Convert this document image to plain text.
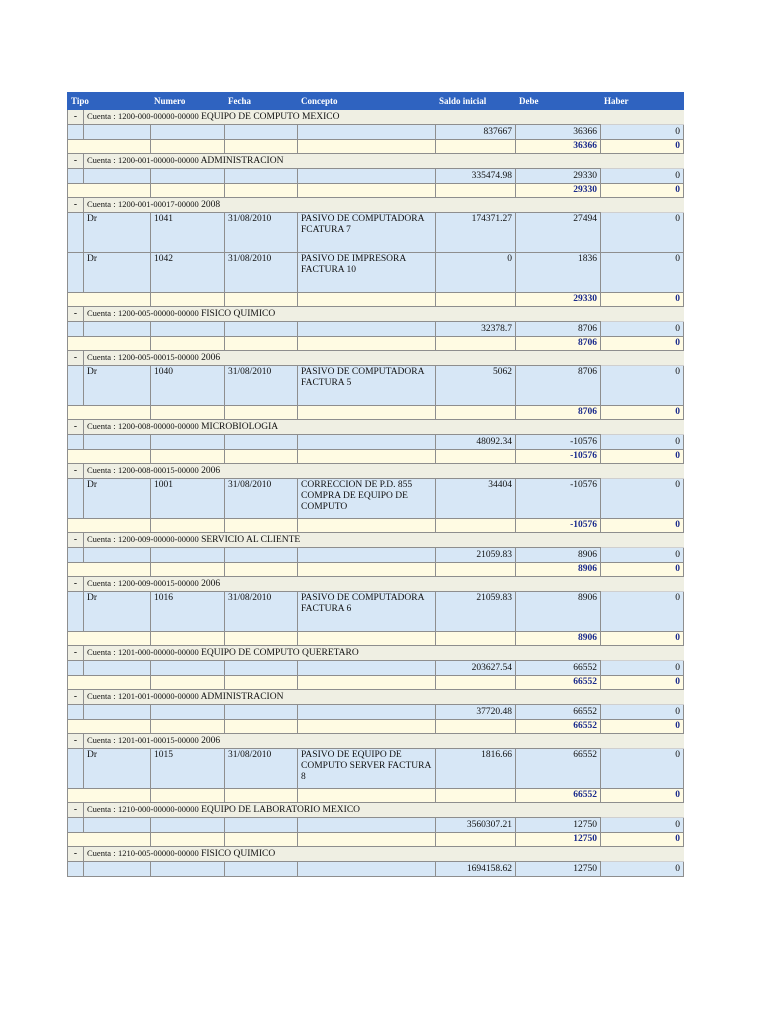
Tipo		Numero	Fecha	Concepto	Saldo inicial	Debe	Haber
-	Cuenta : 1200-000-00000-00000 EQUIPO DE COMPUTO MEXICO						
					837667	36366	0
						36366	0
-	Cuenta : 1200-001-00000-00000 ADMINISTRACION						
					335474.98	29330	0
						29330	0
-	Cuenta : 1200-001-00017-00000 2008						
	Dr	1041	31/08/2010	PASIVO DE COMPUTADORA FCATURA 7	174371.27	27494	0
	Dr	1042	31/08/2010	PASIVO DE IMPRESORA FACTURA 10	0	1836	0
						29330	0
-	Cuenta : 1200-005-00000-00000 FISICO QUIMICO						
					32378.7	8706	0
						8706	0
-	Cuenta : 1200-005-00015-00000 2006						
	Dr	1040	31/08/2010	PASIVO DE COMPUTADORA FACTURA 5	5062	8706	0
						8706	0
-	Cuenta : 1200-008-00000-00000 MICROBIOLOGIA						
					48092.34	-10576	0
						-10576	0
-	Cuenta : 1200-008-00015-00000 2006						
	Dr	1001	31/08/2010	CORRECCION DE P.D. 855 COMPRA DE EQUIPO DE COMPUTO	34404	-10576	0
						-10576	0
-	Cuenta : 1200-009-00000-00000 SERVICIO AL CLIENTE						
					21059.83	8906	0
						8906	0
-	Cuenta : 1200-009-00015-00000 2006						
	Dr	1016	31/08/2010	PASIVO DE COMPUTADORA FACTURA 6	21059.83	8906	0
						8906	0
-	Cuenta : 1201-000-00000-00000 EQUIPO DE COMPUTO QUERETARO						
					203627.54	66552	0
						66552	0
-	Cuenta : 1201-001-00000-00000 ADMINISTRACION						
					37720.48	66552	0
						66552	0
-	Cuenta : 1201-001-00015-00000 2006						
	Dr	1015	31/08/2010	PASIVO DE EQUIPO DE COMPUTO SERVER FACTURA 8	1816.66	66552	0
						66552	0
-	Cuenta : 1210-000-00000-00000 EQUIPO DE LABORATORIO MEXICO						
					3560307.21	12750	0
						12750	0
-	Cuenta : 1210-005-00000-00000 FISICO QUIMICO						
					1694158.62	12750	0
